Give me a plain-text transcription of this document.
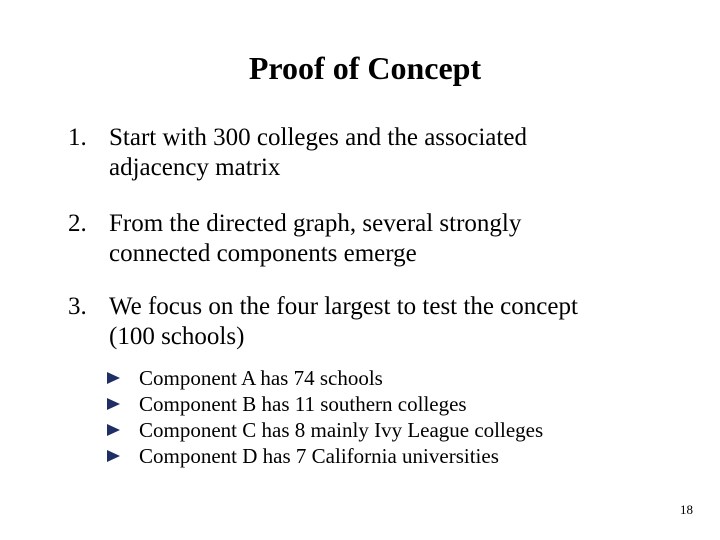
Proof of Concept
1. Start with 300 colleges and the associated
adjacency matrix
2. From the directed graph, several strongly
connected components emerge
3. We focus on the four largest to test the concept
(100 schools)
Component A has 74 schools
Component B has 11 southern colleges
Component C has 8 mainly Ivy League colleges
Component D has 7 California universities
18
